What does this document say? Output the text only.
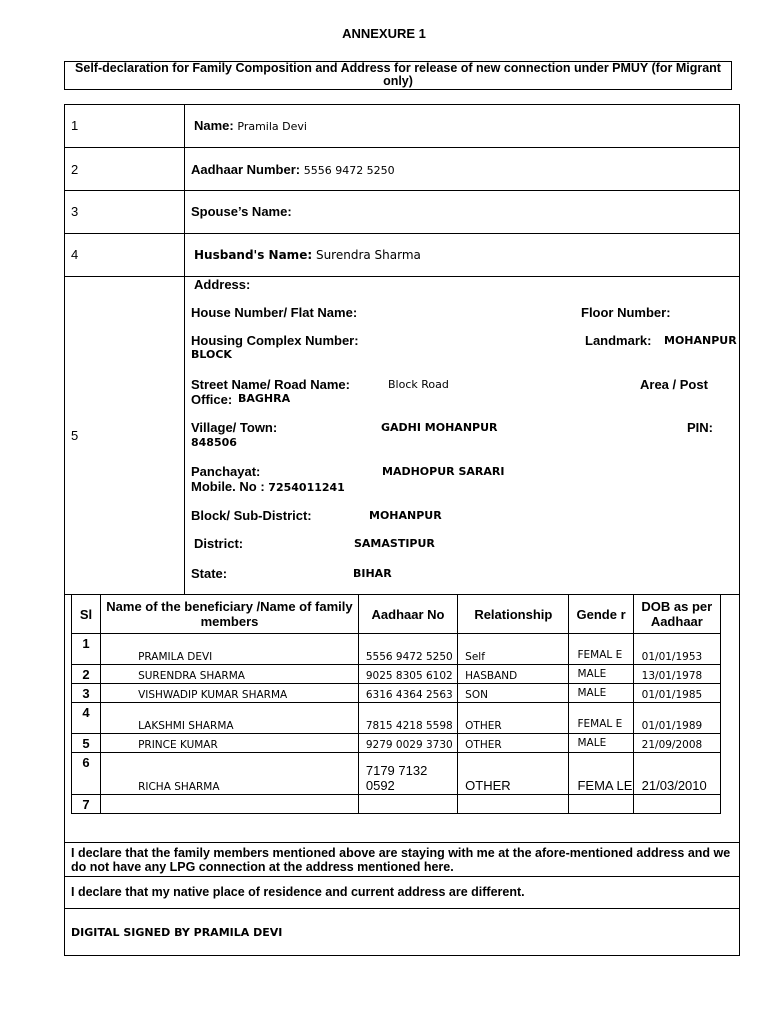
ANNEXURE 1
Self-declaration for Family Composition and Address for release of new connection under PMUY (for Migrant only)
1	Name: Pramila Devi
2	Aadhaar Number: 5556 9472 5250
3	Spouse’s Name:
4	Husband's Name: Surendra Sharma
5
Address:
House Number/ Flat Name:	Floor Number:
Housing Complex Number:	Landmark: MOHANPUR
BLOCK
Street Name/ Road Name:	Block Road	Area / Post
Office: BAGHRA
Village/ Town:	GADHI MOHANPUR	PIN:
848506
Panchayat:	MADHOPUR SARARI
Mobile. No : 7254011241
Block/ Sub-District:	MOHANPUR
District:	SAMASTIPUR
State:	BIHAR
Sl	Name of the beneficiary /Name of family members	Aadhaar No	Relationship	Gende r	DOB as per Aadhaar
1	PRAMILA DEVI	5556 9472 5250	Self	FEMAL E	01/01/1953
2	SURENDRA SHARMA	9025 8305 6102	HASBAND	MALE	13/01/1978
3	VISHWADIP KUMAR SHARMA	6316 4364 2563	SON	MALE	01/01/1985
4	LAKSHMI SHARMA	7815 4218 5598	OTHER	FEMAL E	01/01/1989
5	PRINCE KUMAR	9279 0029 3730	OTHER	MALE	21/09/2008
6	RICHA SHARMA	7179 7132 0592	OTHER	FEMA LE	21/03/2010
7					
I declare that the family members mentioned above are staying with me at the afore-mentioned address and we do not have any LPG connection at the address mentioned here.
I declare that my native place of residence and current address are different.
DIGITAL SIGNED BY PRAMILA DEVI
